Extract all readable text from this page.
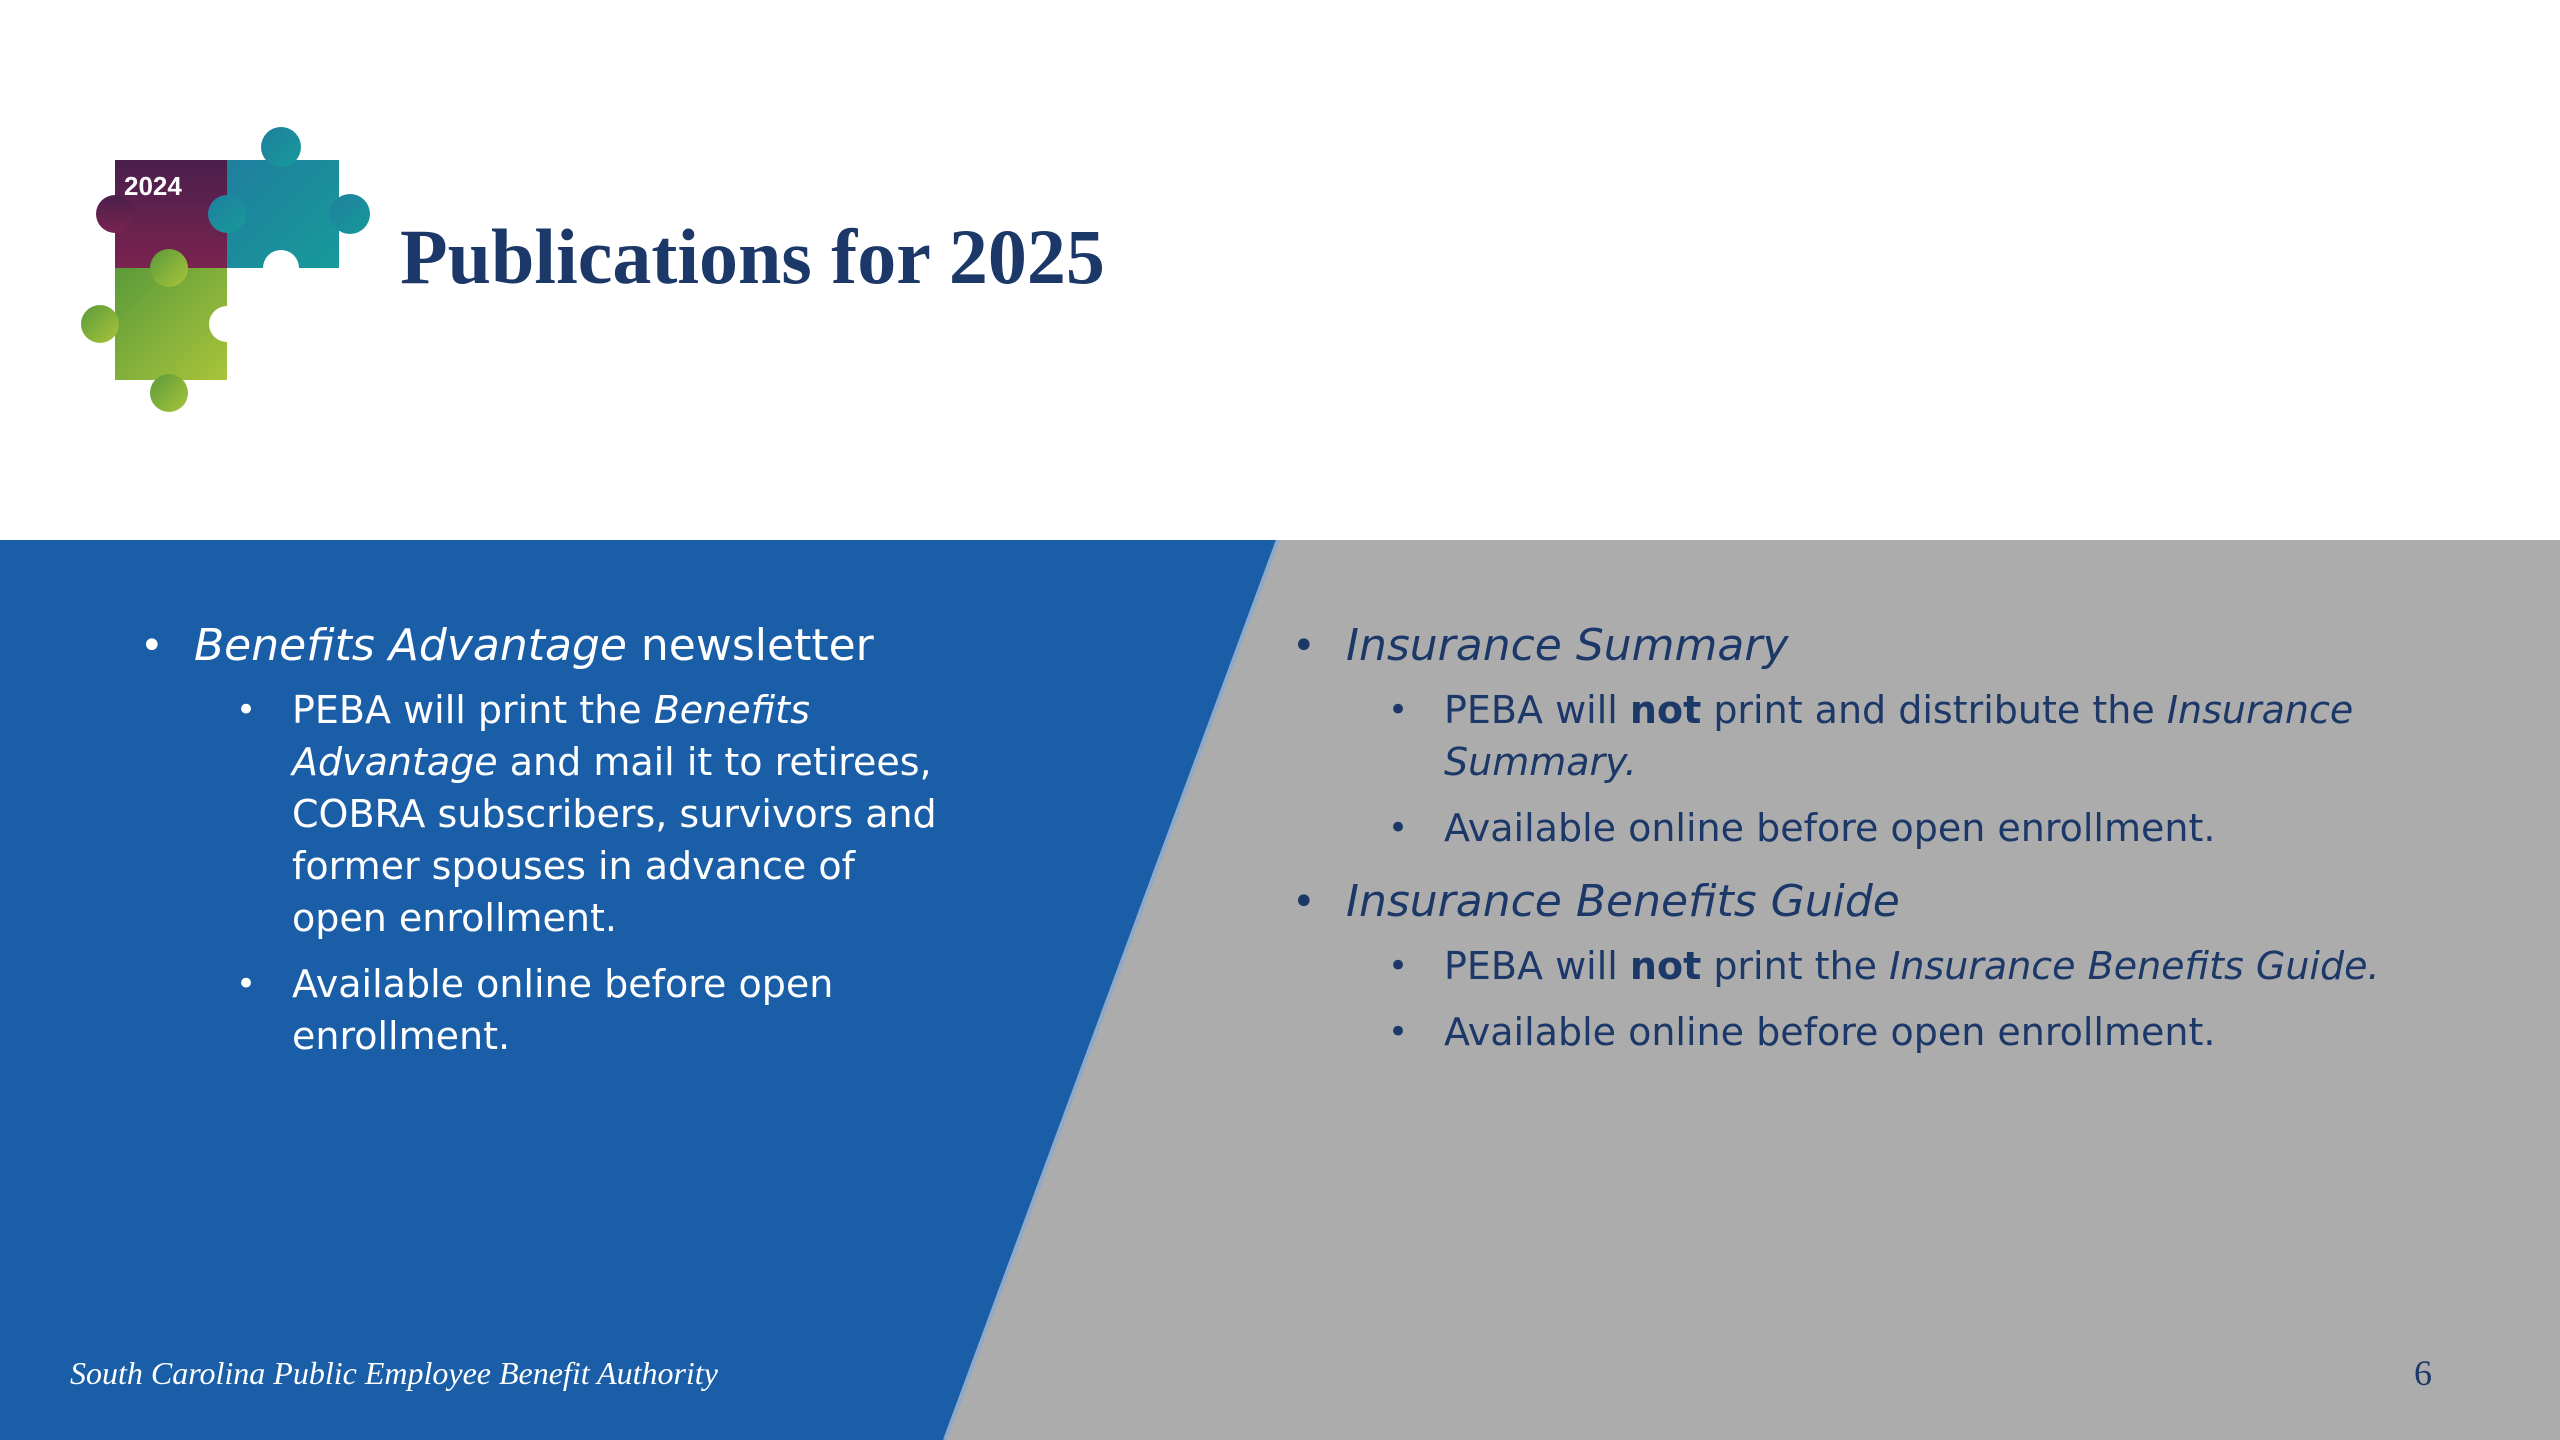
2024
Publications for 2025
• Benefits Advantage newsletter
• PEBA will print the Benefits Advantage and mail it to retirees, COBRA subscribers, survivors and former spouses in advance of open enrollment.
• Available online before open enrollment.
• Insurance Summary
• PEBA will not print and distribute the Insurance Summary.
• Available online before open enrollment.
• Insurance Benefits Guide
• PEBA will not print the Insurance Benefits Guide.
• Available online before open enrollment.

South Carolina Public Employee Benefit Authority	6
